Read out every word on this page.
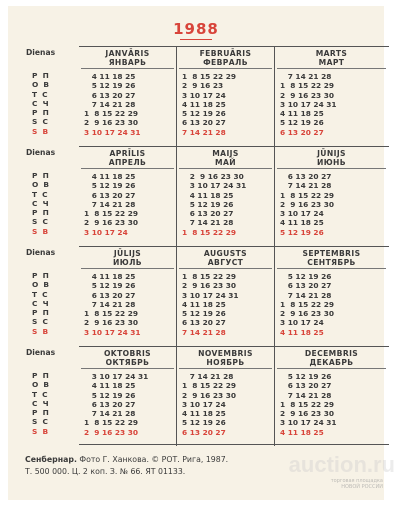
1988
Dienas
P  П
O  В
T  C
C  Ч
P  П
S  C
S  B
Dienas
P  П
O  В
T  C
C  Ч
P  П
S  C
S  B
Dienas
P  П
O  В
T  C
C  Ч
P  П
S  C
S  B
Dienas
P  П
O  В
T  C
C  Ч
P  П
S  C
S  B
JANVĀRIS
ЯНВАРЬ
4 11 18 25
5 12 19 26
6 13 20 27
7 14 21 28
1  8 15 22 29
2  9 16 23 30
3 10 17 24 31
FEBRUĀRIS
ФЕВРАЛЬ
1  8 15 22 29
2  9 16 23
3 10 17 24
4 11 18 25
5 12 19 26
6 13 20 27
7 14 21 28
MARTS
МАРТ
7 14 21 28
1  8 15 22 29
2  9 16 23 30
3 10 17 24 31
4 11 18 25
5 12 19 26
6 13 20 27
APRĪLIS
АПРЕЛЬ
4 11 18 25
5 12 19 26
6 13 20 27
7 14 21 28
1  8 15 22 29
2  9 16 23 30
3 10 17 24
MAIJS
МАЙ
2  9 16 23 30
3 10 17 24 31
4 11 18 25
5 12 19 26
6 13 20 27
7 14 21 28
1  8 15 22 29
JŪNIJS
ИЮНЬ
6 13 20 27
7 14 21 28
1  8 15 22 29
2  9 16 23 30
3 10 17 24
4 11 18 25
5 12 19 26
JŪLIJS
ИЮЛЬ
4 11 18 25
5 12 19 26
6 13 20 27
7 14 21 28
1  8 15 22 29
2  9 16 23 30
3 10 17 24 31
AUGUSTS
АВГУСТ
1  8 15 22 29
2  9 16 23 30
3 10 17 24 31
4 11 18 25
5 12 19 26
6 13 20 27
7 14 21 28
SEPTEMBRIS
СЕНТЯБРЬ
5 12 19 26
6 13 20 27
7 14 21 28
1  8 15 22 29
2  9 16 23 30
3 10 17 24
4 11 18 25
OKTOBRIS
ОКТЯБРЬ
3 10 17 24 31
4 11 18 25
5 12 19 26
6 13 20 27
7 14 21 28
1  8 15 22 29
2  9 16 23 30
NOVEMBRIS
НОЯБРЬ
7 14 21 28
1  8 15 22 29
2  9 16 23 30
3 10 17 24
4 11 18 25
5 12 19 26
6 13 20 27
DECEMBRIS
ДЕКАБРЬ
5 12 19 26
6 13 20 27
7 14 21 28
1  8 15 22 29
2  9 16 23 30
3 10 17 24 31
4 11 18 25
Сенбернар. Фото Г. Ханкова. © РОТ. Рига, 1987.
Т. 500 000. Ц. 2 коп. З. № 66. ЯТ 01133.	auction.ru
торговая площадка
НОВОЙ РОССИИ
